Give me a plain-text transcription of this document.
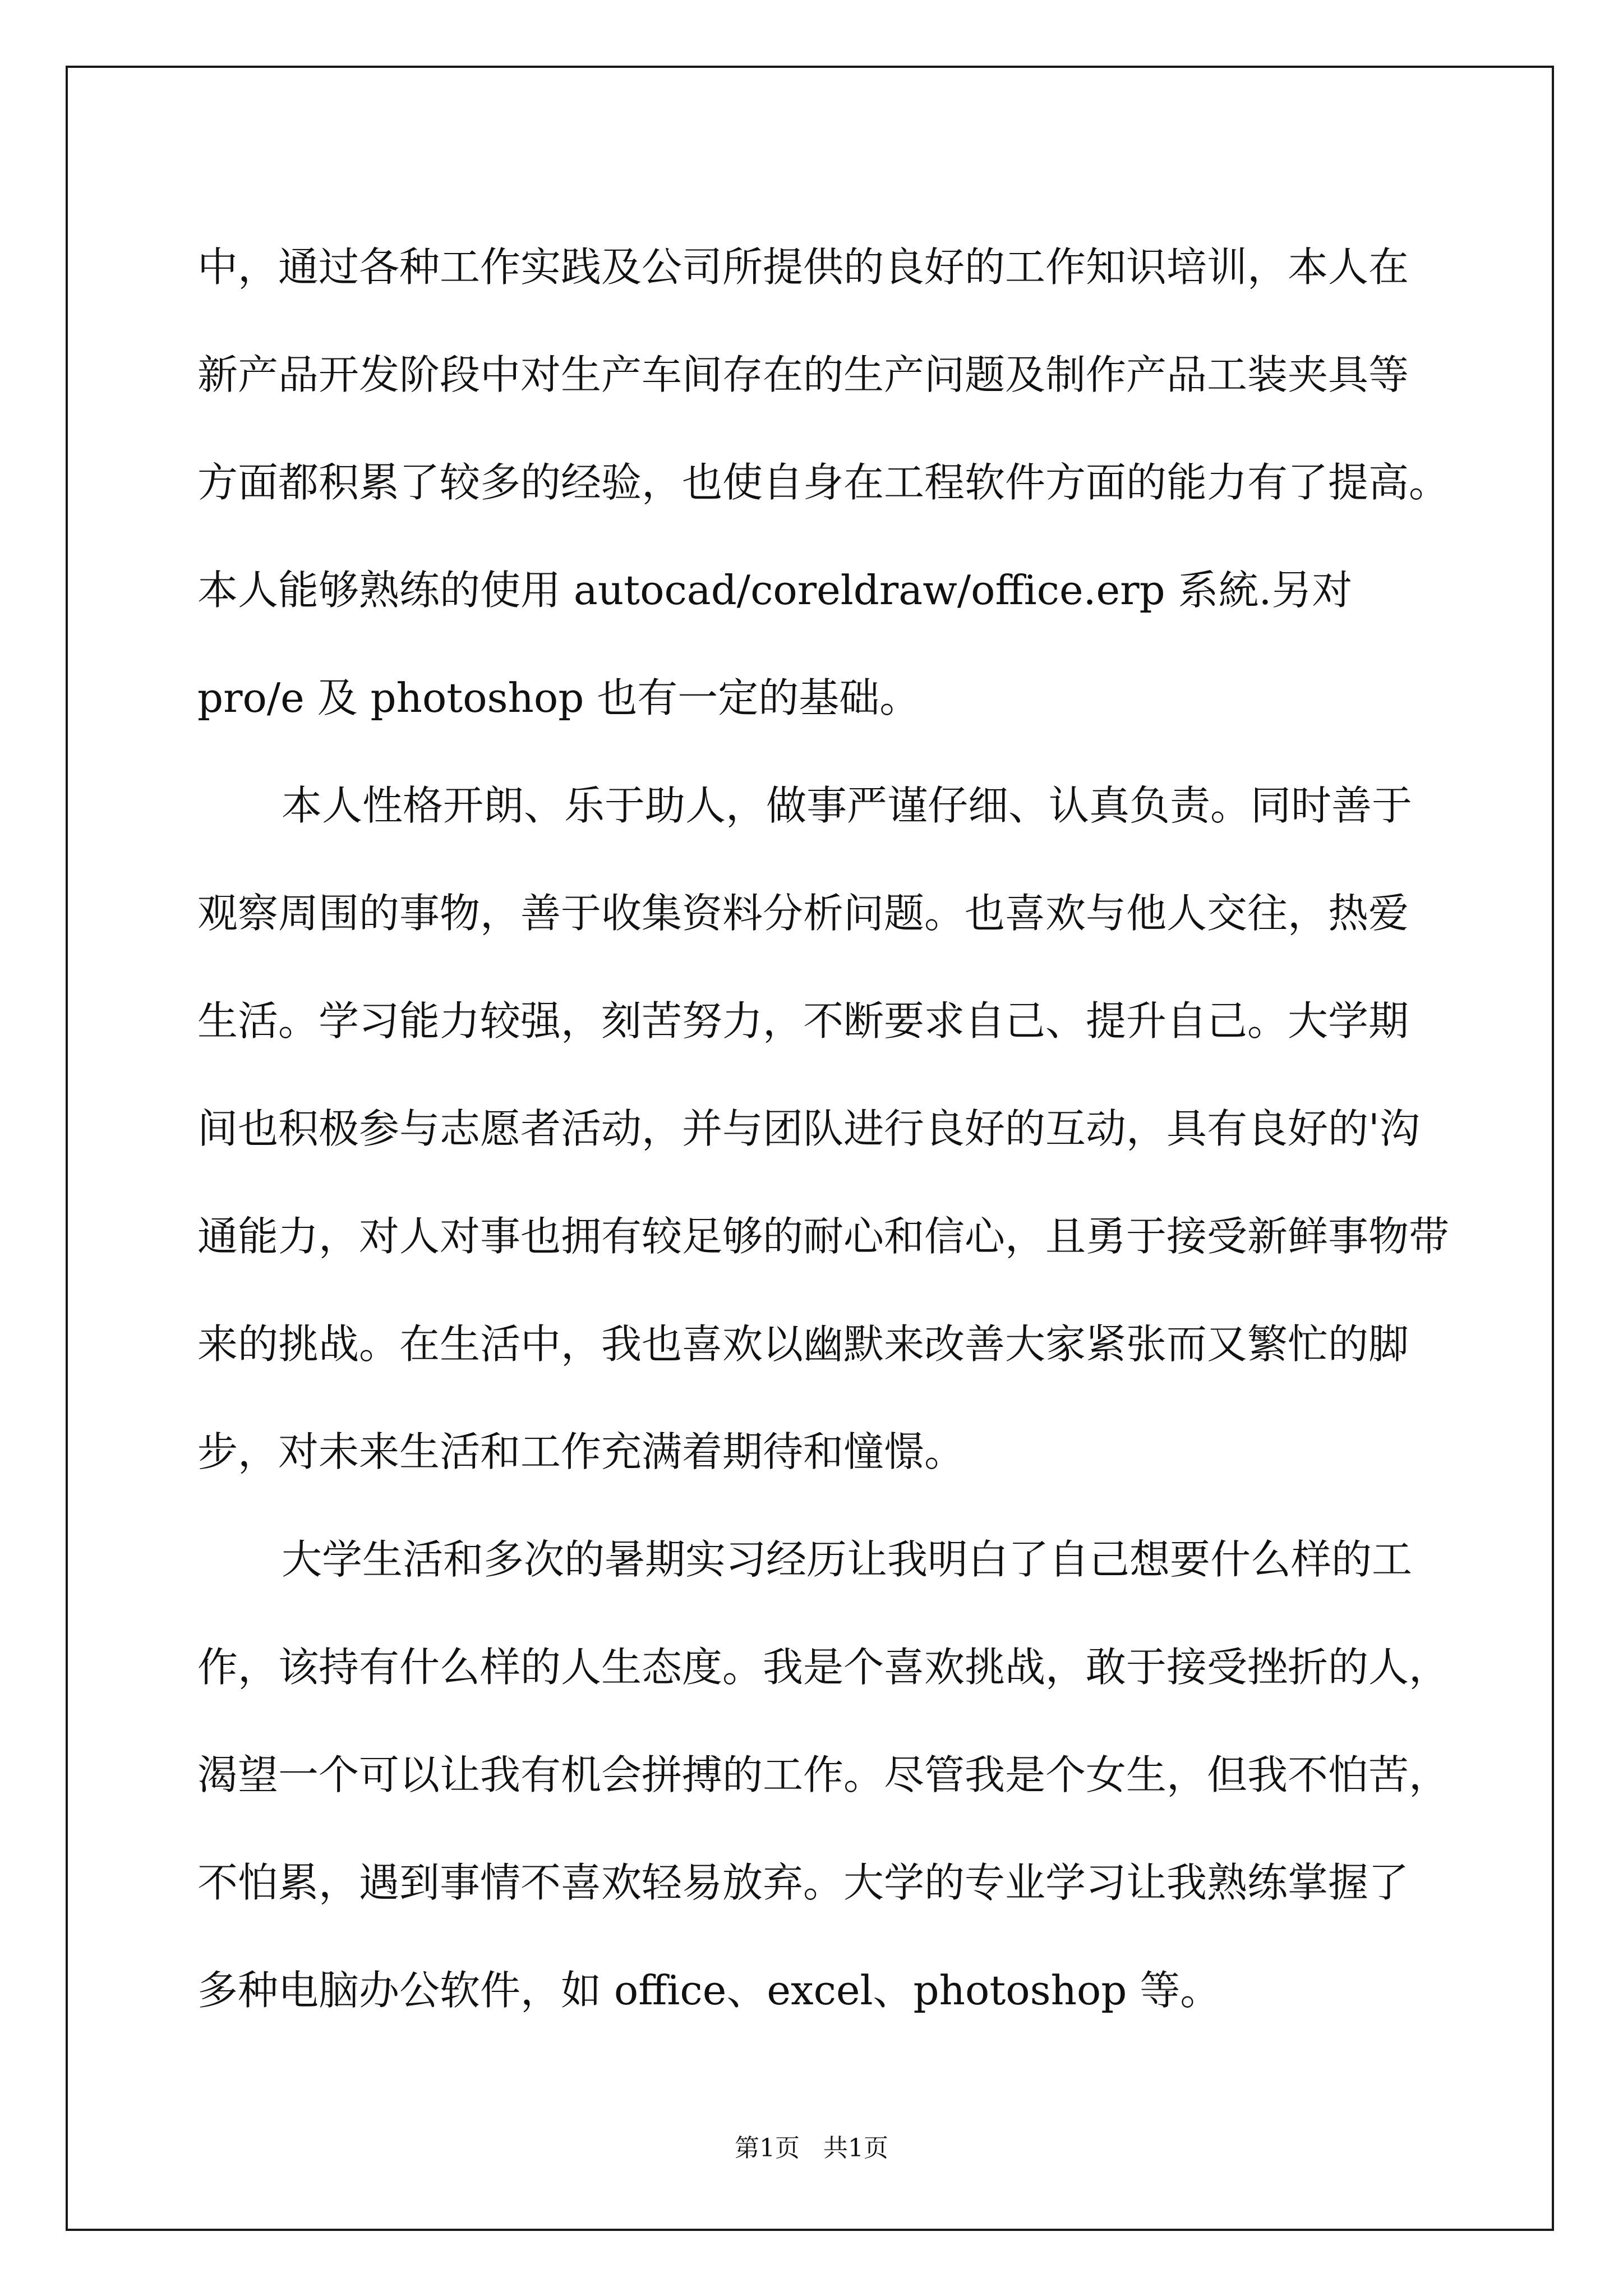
中，通过各种工作实践及公司所提供的良好的工作知识培训，本人在
新产品开发阶段中对生产车间存在的生产问题及制作产品工装夹具等
方面都积累了较多的经验，也使自身在工程软件方面的能力有了提高。
本人能够熟练的使用 autocad/coreldraw/office.erp 系統.另对
pro/e 及 photoshop 也有一定的基础。
本人性格开朗、乐于助人，做事严谨仔细、认真负责。同时善于
观察周围的事物，善于收集资料分析问题。也喜欢与他人交往，热爱
生活。学习能力较强，刻苦努力，不断要求自己、提升自己。大学期
间也积极参与志愿者活动，并与团队进行良好的互动，具有良好的'沟
通能力，对人对事也拥有较足够的耐心和信心，且勇于接受新鲜事物带
来的挑战。在生活中，我也喜欢以幽默来改善大家紧张而又繁忙的脚
步，对未来生活和工作充满着期待和憧憬。
大学生活和多次的暑期实习经历让我明白了自己想要什么样的工
作，该持有什么样的人生态度。我是个喜欢挑战，敢于接受挫折的人，
渴望一个可以让我有机会拼搏的工作。尽管我是个女生，但我不怕苦，
不怕累，遇到事情不喜欢轻易放弃。大学的专业学习让我熟练掌握了
多种电脑办公软件，如 office、excel、photoshop 等。
第1页   共1页
